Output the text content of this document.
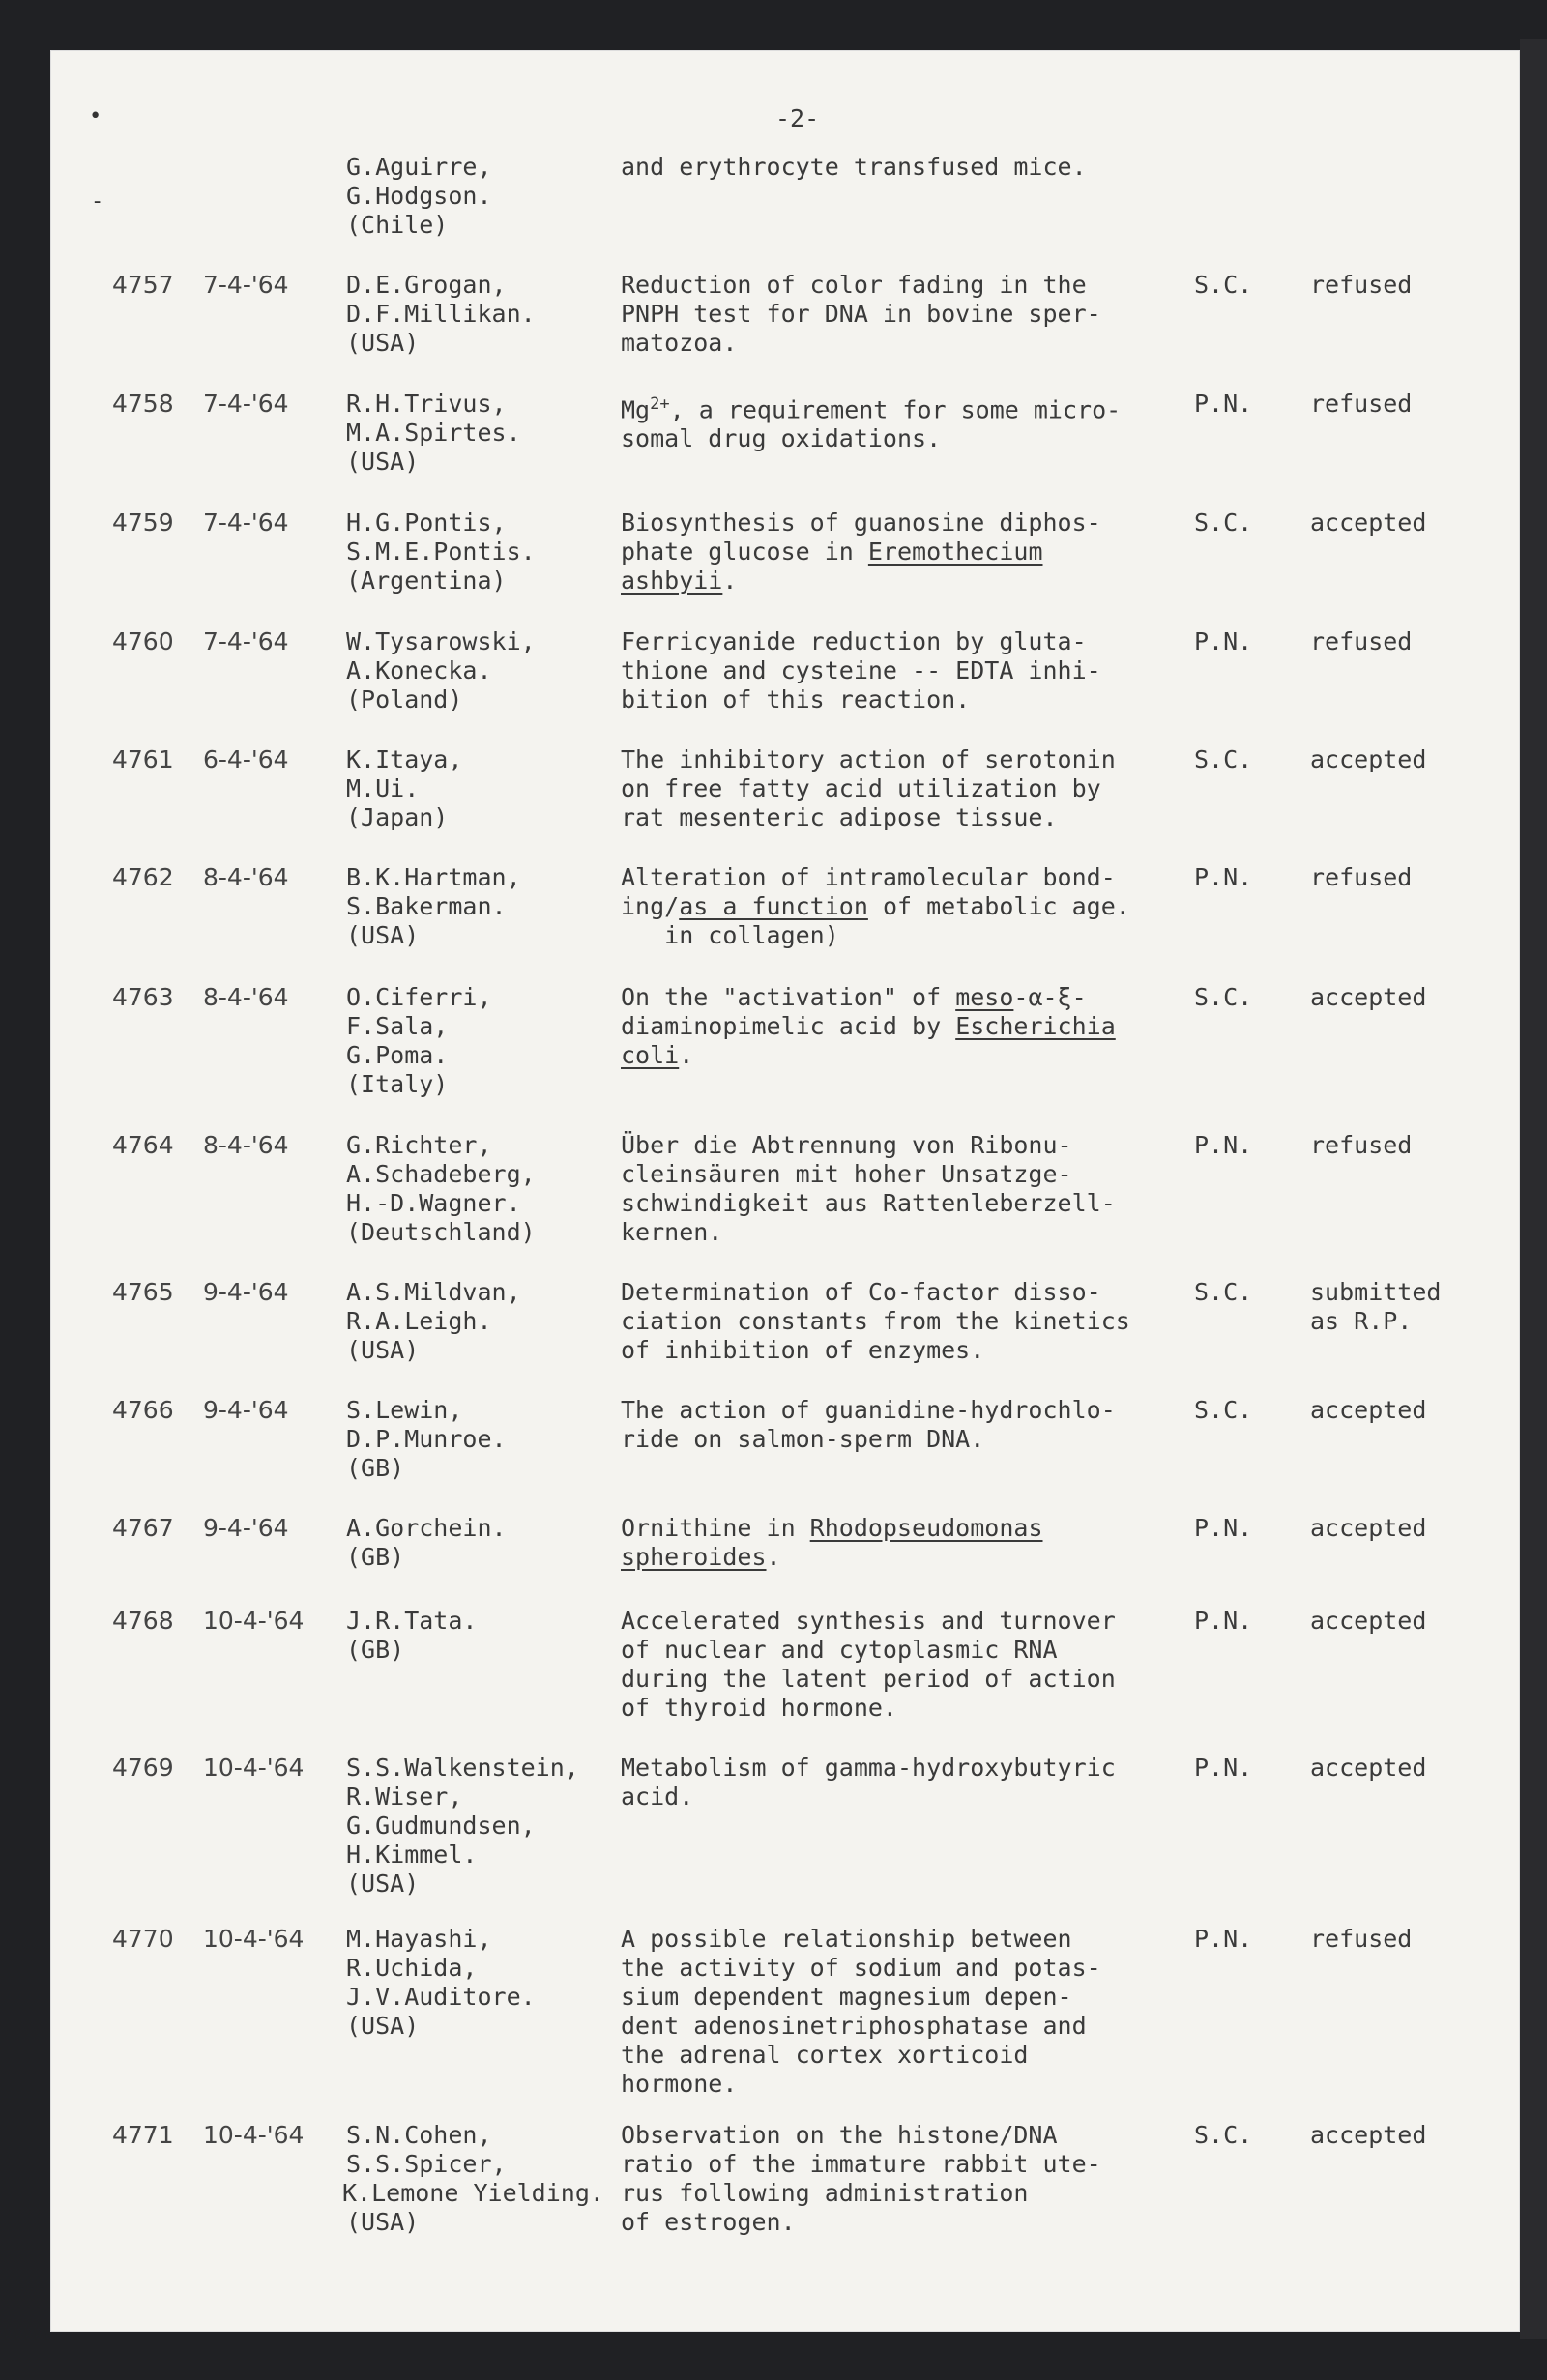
•
-
-2-
G.Aguirre,
G.Hodgson.
(Chile)
and erythrocyte transfused mice.
4757 7-4-'64 D.E.Grogan,
D.F.Millikan.
(USA)
Reduction of color fading in the
PNPH test for DNA in bovine sper-
matozoa.
S.C. refused
4758 7-4-'64 R.H.Trivus,
M.A.Spirtes.
(USA)
$Mg^{2+}$, a requirement for some micro-
somal drug oxidations.
P.N. refused
4759 7-4-'64 H.G.Pontis,
S.M.E.Pontis.
(Argentina)
Biosynthesis of guanosine diphos-
phate glucose in Eremothecium
ashbyii.
S.C. accepted
4760 7-4-'64 W.Tysarowski,
A.Konecka.
(Poland)
Ferricyanide reduction by gluta-
thione and cysteine -- EDTA inhi-
bition of this reaction.
P.N. refused
4761 6-4-'64 K.Itaya,
M.Ui.
(Japan)
The inhibitory action of serotonin
on free fatty acid utilization by
rat mesenteric adipose tissue.
S.C. accepted
4762 8-4-'64 B.K.Hartman,
S.Bakerman.
(USA)
Alteration of intramolecular bond-
ing/as a function of metabolic age.
in collagen)
P.N. refused
4763 8-4-'64 O.Ciferri,
F.Sala,
G.Poma.
(Italy)
On the "activation" of meso-α-ξ-
diaminopimelic acid by Escherichia
coli.
S.C. accepted
4764 8-4-'64 G.Richter,
A.Schadeberg,
H.-D.Wagner.
(Deutschland)
Über die Abtrennung von Ribonu-
cleinsäuren mit hoher Unsatzge-
schwindigkeit aus Rattenleberzell-
kernen.
P.N. refused
4765 9-4-'64 A.S.Mildvan,
R.A.Leigh.
(USA)
Determination of Co-factor disso-
ciation constants from the kinetics
of inhibition of enzymes.
S.C. submitted
as R.P.
4766 9-4-'64 S.Lewin,
D.P.Munroe.
(GB)
The action of guanidine-hydrochlo-
ride on salmon-sperm DNA.
S.C. accepted
4767 9-4-'64 A.Gorchein.
(GB)
Ornithine in Rhodopseudomonas
spheroides.
P.N. accepted
4768 10-4-'64 J.R.Tata.
(GB)
Accelerated synthesis and turnover
of nuclear and cytoplasmic RNA
during the latent period of action
of thyroid hormone.
P.N. accepted
4769 10-4-'64 S.S.Walkenstein,
R.Wiser,
G.Gudmundsen,
H.Kimmel.
(USA)
Metabolism of gamma-hydroxybutyric
acid.
P.N. accepted
4770 10-4-'64 M.Hayashi,
R.Uchida,
J.V.Auditore.
(USA)
A possible relationship between
the activity of sodium and potas-
sium dependent magnesium depen-
dent adenosinetriphosphatase and
the adrenal cortex xorticoid
hormone.
P.N. refused
4771 10-4-'64 S.N.Cohen,
S.S.Spicer,
K.Lemone Yielding.
(USA)
Observation on the histone/DNA
ratio of the immature rabbit ute-
rus following administration
of estrogen.
S.C. accepted
